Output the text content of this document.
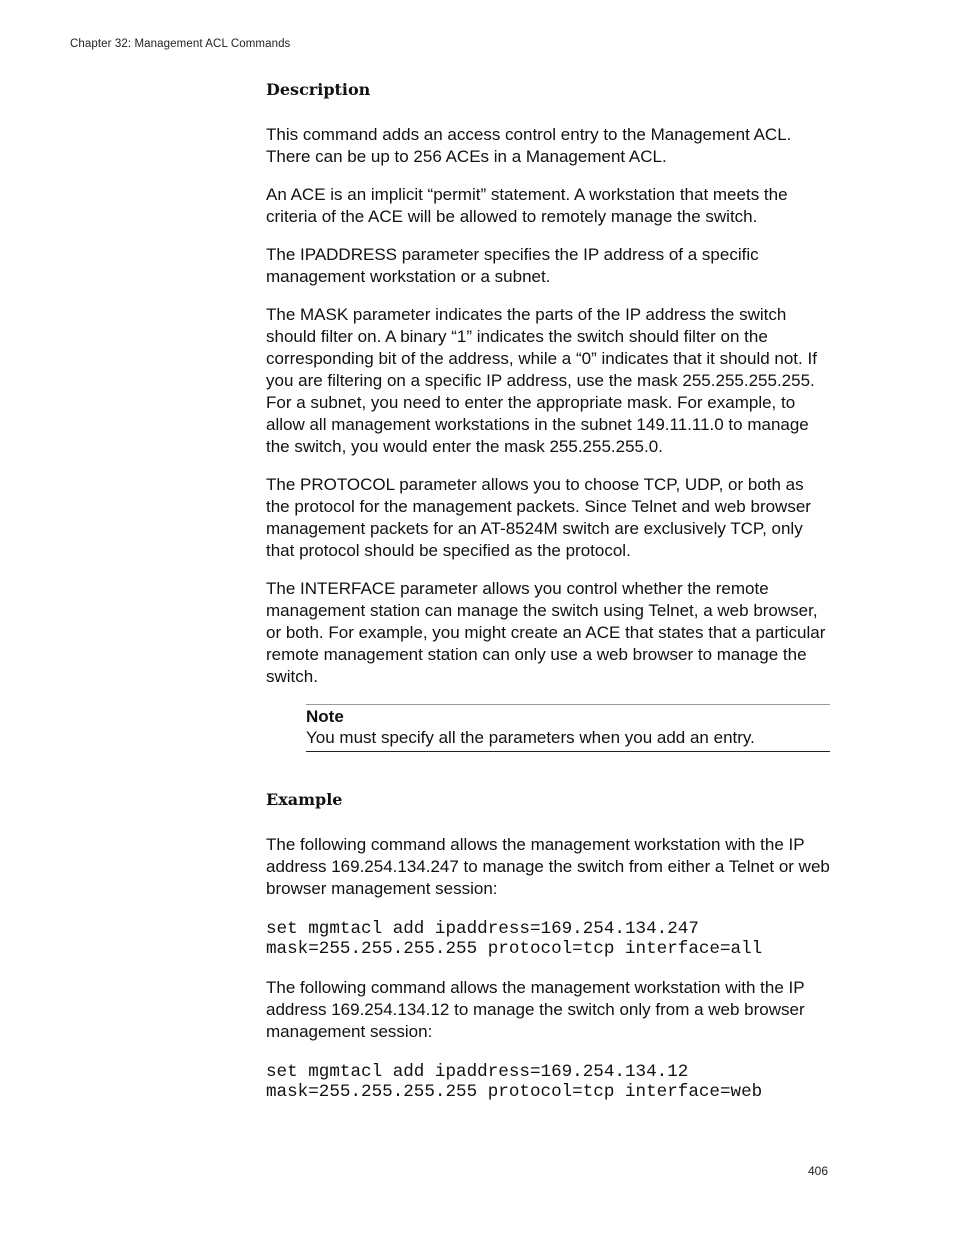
Chapter 32: Management ACL Commands
Description

This command adds an access control entry to the Management ACL. There can be up to 256 ACEs in a Management ACL.

An ACE is an implicit “permit” statement. A workstation that meets the criteria of the ACE will be allowed to remotely manage the switch.

The IPADDRESS parameter specifies the IP address of a specific management workstation or a subnet.

The MASK parameter indicates the parts of the IP address the switch should filter on. A binary “1” indicates the switch should filter on the corresponding bit of the address, while a “0” indicates that it should not. If you are filtering on a specific IP address, use the mask 255.255.255.255. For a subnet, you need to enter the appropriate mask. For example, to allow all management workstations in the subnet 149.11.11.0 to manage the switch, you would enter the mask 255.255.255.0.

The PROTOCOL parameter allows you to choose TCP, UDP, or both as the protocol for the management packets. Since Telnet and web browser management packets for an AT-8524M switch are exclusively TCP, only that protocol should be specified as the protocol.

The INTERFACE parameter allows you control whether the remote management station can manage the switch using Telnet, a web browser, or both. For example, you might create an ACE that states that a particular remote management station can only use a web browser to manage the switch.

Note
You must specify all the parameters when you add an entry.
Example

The following command allows the management workstation with the IP address 169.254.134.247 to manage the switch from either a Telnet or web browser management session:

set mgmtacl add ipaddress=169.254.134.247
mask=255.255.255.255 protocol=tcp interface=all

The following command allows the management workstation with the IP address 169.254.134.12 to manage the switch only from a web browser management session:

set mgmtacl add ipaddress=169.254.134.12
mask=255.255.255.255 protocol=tcp interface=web
406
